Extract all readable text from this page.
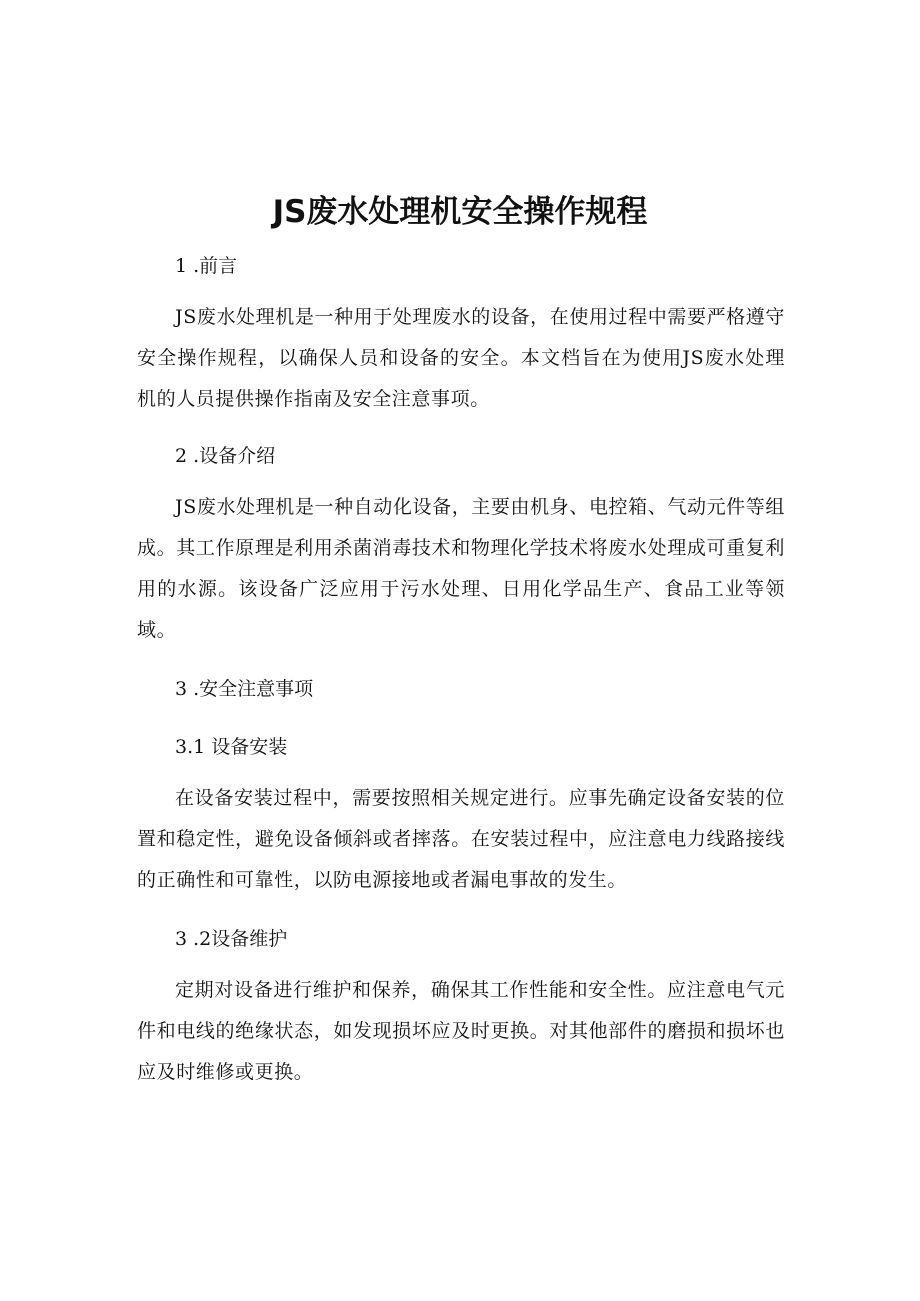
JS废水处理机安全操作规程
1 .前言

JS废水处理机是一种用于处理废水的设备，在使用过程中需要严格遵守安全操作规程，以确保人员和设备的安全。本文档旨在为使用JS废水处理机的人员提供操作指南及安全注意事项。

2 .设备介绍

JS废水处理机是一种自动化设备，主要由机身、电控箱、气动元件等组成。其工作原理是利用杀菌消毒技术和物理化学技术将废水处理成可重复利用的水源。该设备广泛应用于污水处理、日用化学品生产、食品工业等领域。

3 .安全注意事项
3.1 设备安装

在设备安装过程中，需要按照相关规定进行。应事先确定设备安装的位置和稳定性，避免设备倾斜或者摔落。在安装过程中，应注意电力线路接线的正确性和可靠性，以防电源接地或者漏电事故的发生。

3 .2设备维护

定期对设备进行维护和保养，确保其工作性能和安全性。应注意电气元件和电线的绝缘状态，如发现损坏应及时更换。对其他部件的磨损和损坏也应及时维修或更换。
